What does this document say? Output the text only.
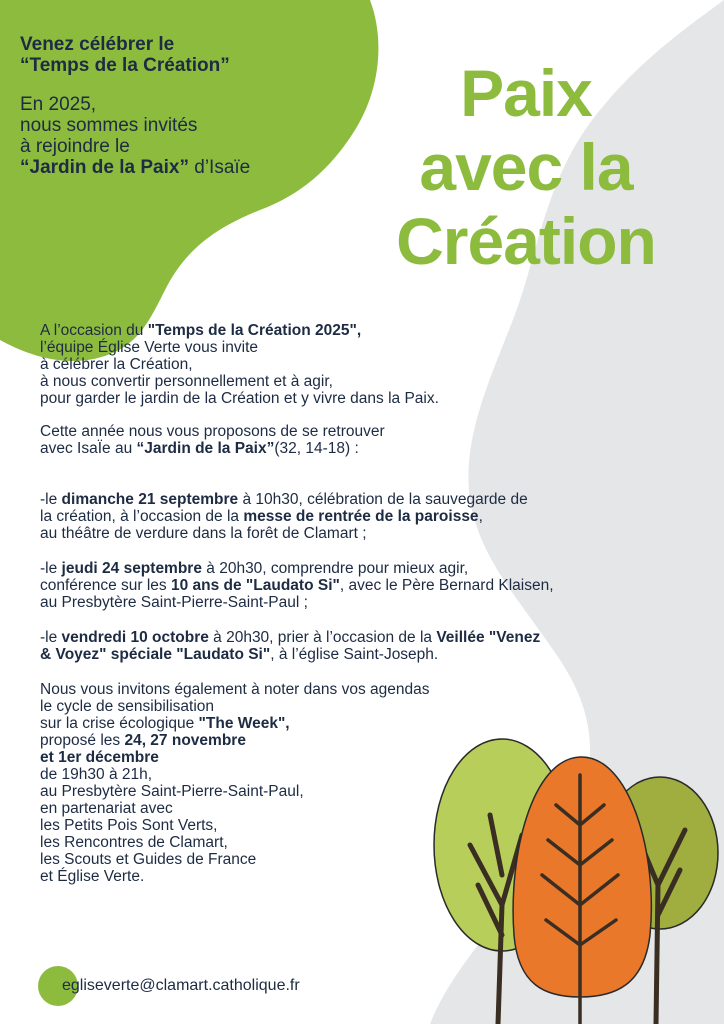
Venez célébrer le
“Temps de la Création”

En 2025,
nous sommes invités
à rejoindre le
“Jardin de la Paix” d’Isaïe
Paix
avec la
Création

A l’occasion du "Temps de la Création 2025",

l’équipe Église Verte vous invite

à célébrer la Création,

à nous convertir personnellement et à agir,

pour garder le jardin de la Création et y vivre dans la Paix.

Cette année nous vous proposons de se retrouver

avec IsaÏe au “Jardin de la Paix”(32, 14-18) :

-le dimanche 21 septembre à 10h30, célébration de la sauvegarde de

la création, à l’occasion de la messe de rentrée de la paroisse,

au théâtre de verdure dans la forêt de Clamart ;

-le jeudi 24 septembre à 20h30, comprendre pour mieux agir,

conférence sur les 10 ans de "Laudato Si", avec le Père Bernard Klaisen,

au Presbytère Saint-Pierre-Saint-Paul ;

-le vendredi 10 octobre à 20h30, prier à l’occasion de la Veillée "Venez

& Voyez" spéciale "Laudato Si", à l’église Saint-Joseph.

Nous vous invitons également à noter dans vos agendas

le cycle de sensibilisation

sur la crise écologique "The Week",

proposé les 24, 27 novembre

et 1er décembre

de 19h30 à 21h,

au Presbytère Saint-Pierre-Saint-Paul,

en partenariat avec

les Petits Pois Sont Verts,

les Rencontres de Clamart,

les Scouts et Guides de France

et Église Verte.

egliseverte@clamart.catholique.fr
